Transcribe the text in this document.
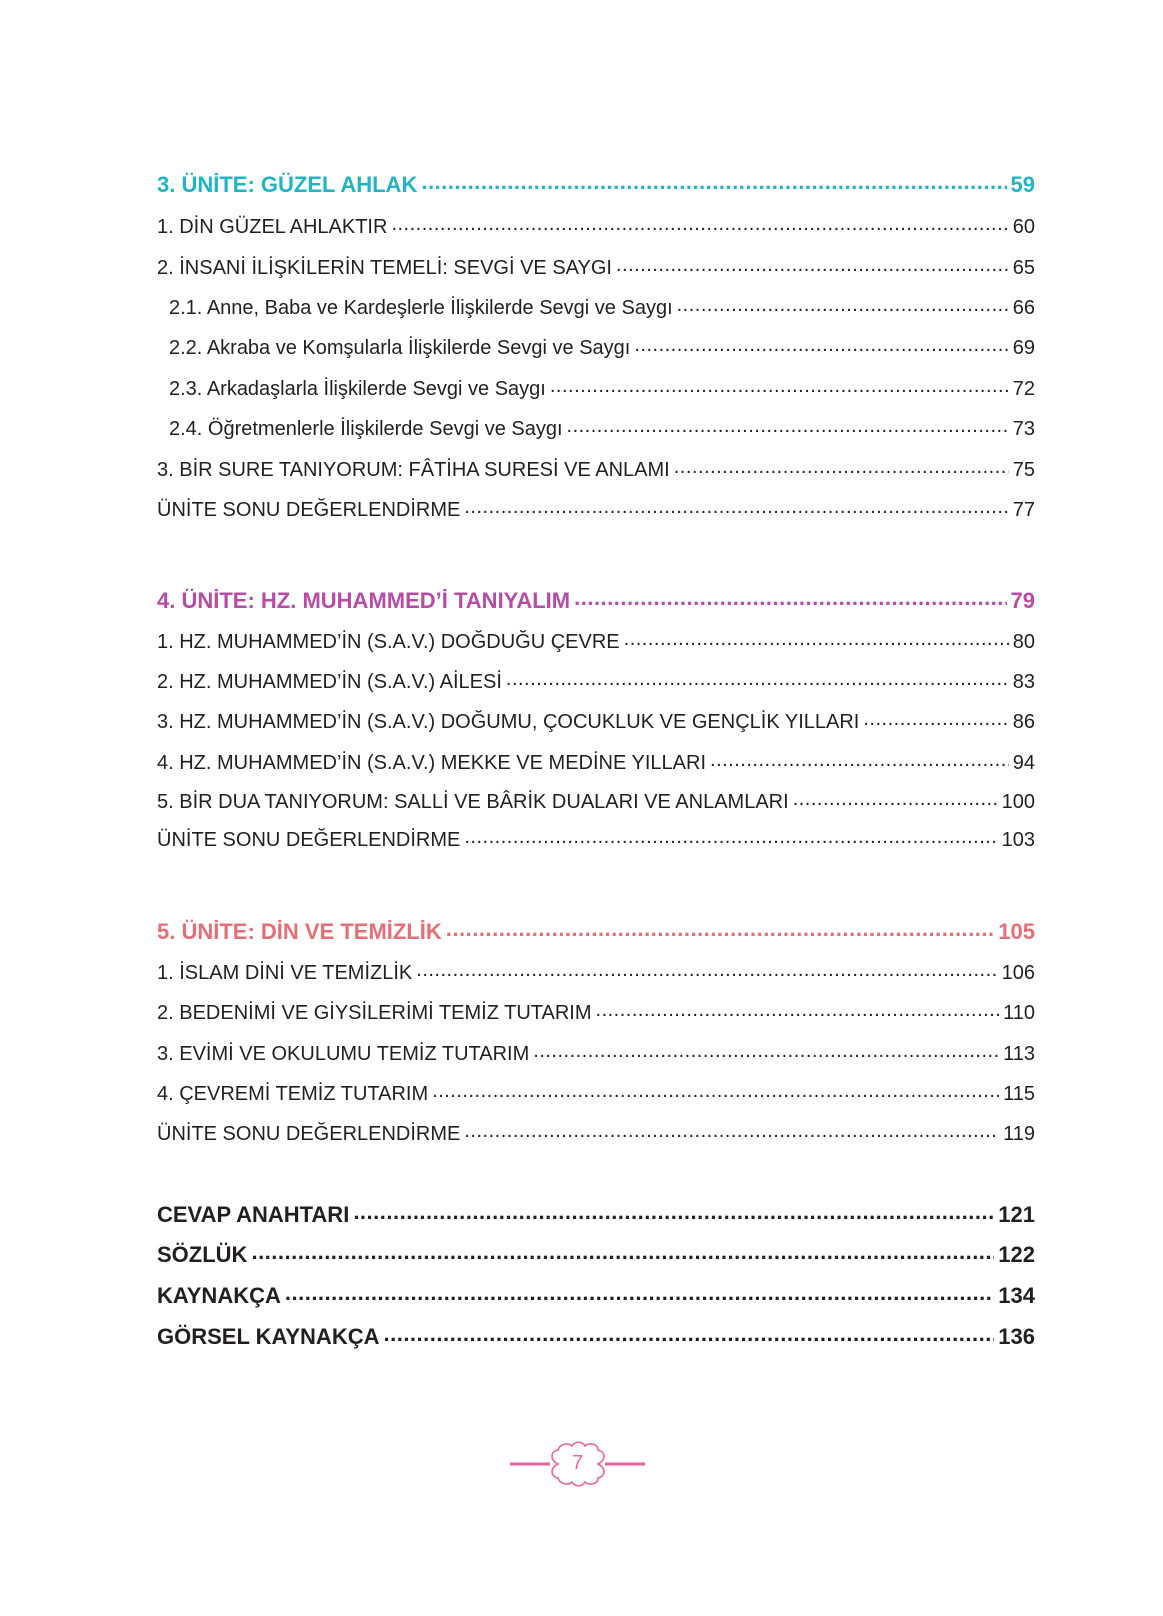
3. ÜNİTE: GÜZEL AHLAK .....	59
1. DİN GÜZEL AHLAKTIR .....	60
2. İNSANİ İLİŞKİLERİN TEMELİ: SEVGİ VE SAYGI .....	65
2.1. Anne, Baba ve Kardeşlerle İlişkilerde Sevgi ve Saygı .....	66
2.2. Akraba ve Komşularla İlişkilerde Sevgi ve Saygı .....	69
2.3. Arkadaşlarla İlişkilerde Sevgi ve Saygı .....	72
2.4. Öğretmenlerle İlişkilerde Sevgi ve Saygı .....	73
3. BİR SURE TANIYORUM: FÂTİHA SURESİ VE ANLAMI .....	75
ÜNİTE SONU DEĞERLENDİRME .....	77
4. ÜNİTE: HZ. MUHAMMED’İ TANIYALIM .....	79
1. HZ. MUHAMMED’İN (S.A.V.) DOĞDUĞU ÇEVRE .....	80
2. HZ. MUHAMMED’İN (S.A.V.) AİLESİ .....	83
3. HZ. MUHAMMED’İN (S.A.V.) DOĞUMU, ÇOCUKLUK VE GENÇLİK YILLARI .....	86
4. HZ. MUHAMMED’İN (S.A.V.) MEKKE VE MEDİNE YILLARI .....	94
5. BİR DUA TANIYORUM: SALLİ VE BÂRİK DUALARI VE ANLAMLARI .....	100
ÜNİTE SONU DEĞERLENDİRME .....	103
5. ÜNİTE: DİN VE TEMİZLİK .....	105
1. İSLAM DİNİ VE TEMİZLİK .....	106
2. BEDENİMİ VE GİYSİLERİMİ TEMİZ TUTARIM .....	110
3. EVİMİ VE OKULUMU TEMİZ TUTARIM .....	113
4. ÇEVREMİ TEMİZ TUTARIM .....	115
ÜNİTE SONU DEĞERLENDİRME .....	119
CEVAP ANAHTARI .....	121
SÖZLÜK .....	122
KAYNAKÇA .....	134
GÖRSEL KAYNAKÇA .....	136
7
